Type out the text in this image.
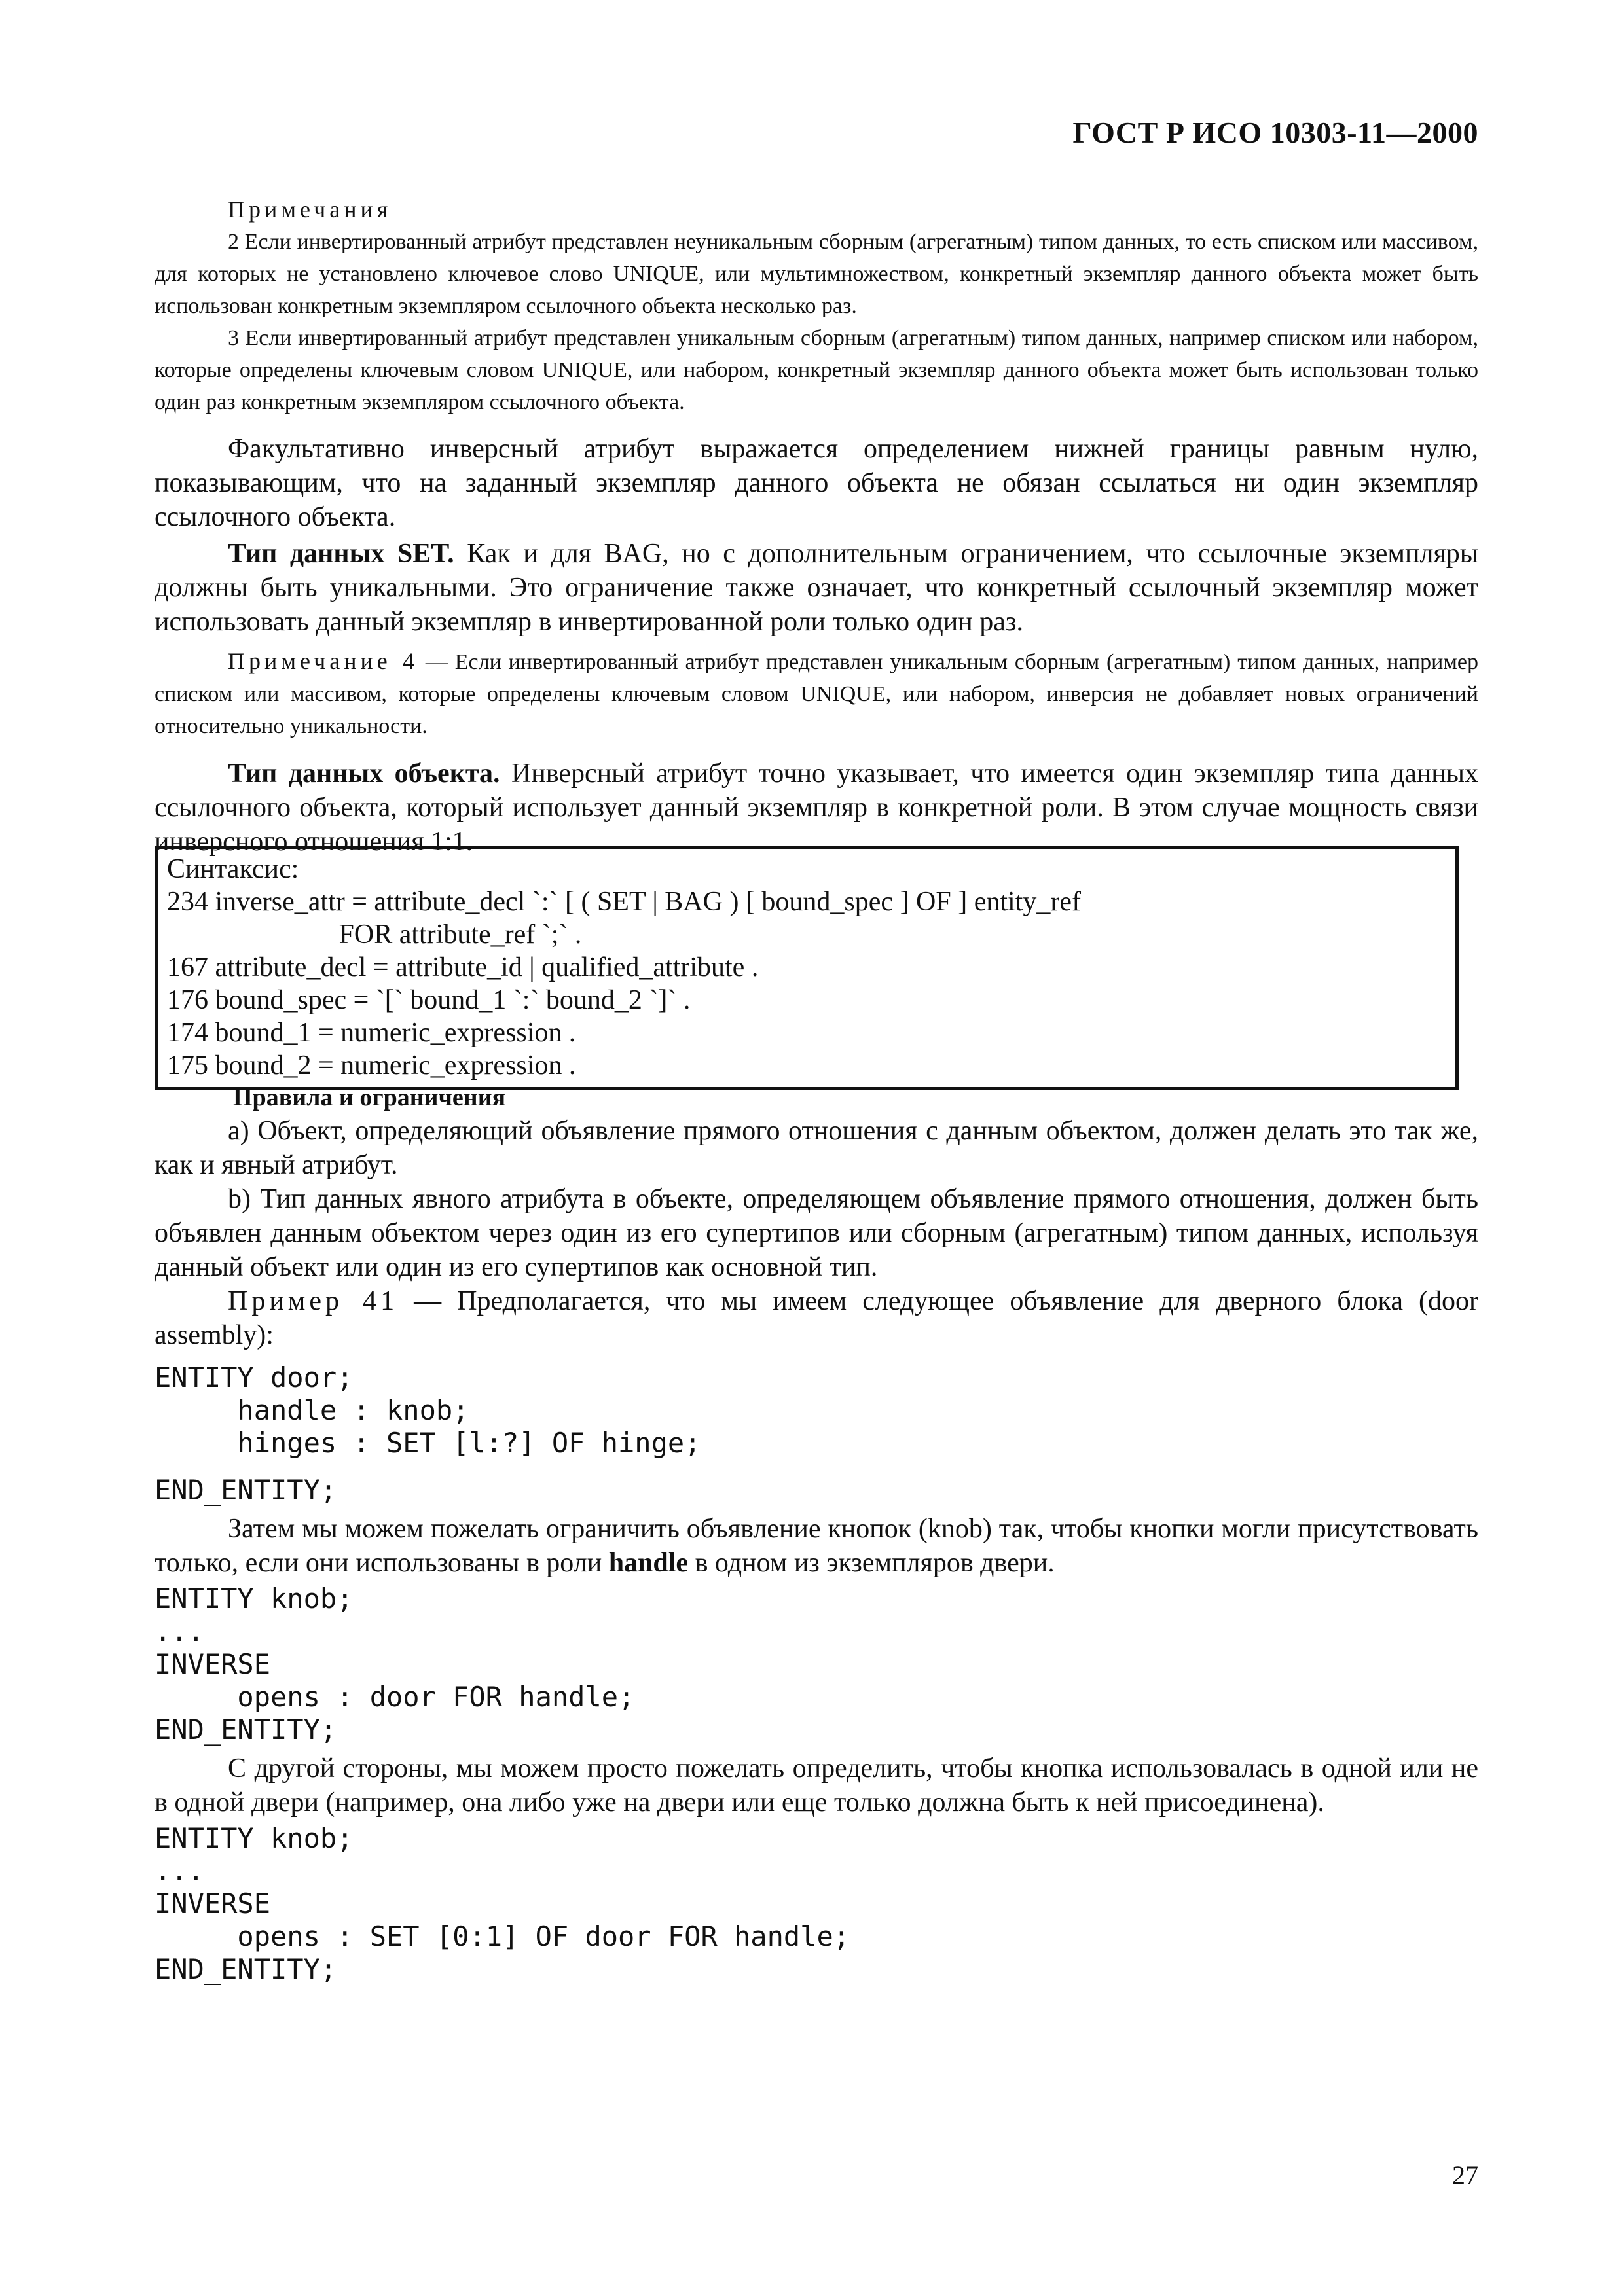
ГОСТ Р ИСО 10303-11—2000

Примечания

2 Если инвертированный атрибут представлен неуникальным сборным (агрегатным) типом данных, то есть списком или массивом, для которых не установлено ключевое слово UNIQUE, или мультимножеством, конкретный экземпляр данного объекта может быть использован конкретным экземпляром ссылочного объекта несколько раз.

3 Если инвертированный атрибут представлен уникальным сборным (агрегатным) типом данных, например списком или набором, которые определены ключевым словом UNIQUE, или набором, конкретный экземпляр данного объекта может быть использован только один раз конкретным экземпляром ссылочного объекта.

Факультативно инверсный атрибут выражается определением нижней границы равным нулю, показывающим, что на заданный экземпляр данного объекта не обязан ссылаться ни один экземпляр ссылочного объекта.

Тип данных SET. Как и для BAG, но с дополнительным ограничением, что ссылочные экземпляры должны быть уникальными. Это ограничение также означает, что конкретный ссылочный экземпляр может использовать данный экземпляр в инвертированной роли только один раз.

Примечание 4 — Если инвертированный атрибут представлен уникальным сборным (агрегатным) типом данных, например списком или массивом, которые определены ключевым словом UNIQUE, или набором, инверсия не добавляет новых ограничений относительно уникальности.

Тип данных объекта. Инверсный атрибут точно указывает, что имеется один экземпляр типа данных ссылочного объекта, который использует данный экземпляр в конкретной роли. В этом случае мощность связи инверсного отношения 1:1.

Синтаксис:
234 inverse_attr = attribute_decl `:` [ ( SET | BAG ) [ bound_spec ] OF ] entity_ref
FOR attribute_ref `;` .
167 attribute_decl = attribute_id | qualified_attribute .
176 bound_spec = `[` bound_1 `:` bound_2 `]` .
174 bound_1 = numeric_expression .
175 bound_2 = numeric_expression .

Правила и ограничения

a) Объект, определяющий объявление прямого отношения с данным объектом, должен делать это так же, как и явный атрибут.

b) Тип данных явного атрибута в объекте, определяющем объявление прямого отношения, должен быть объявлен данным объектом через один из его супертипов или сборным (агрегатным) типом данных, используя данный объект или один из его супертипов как основной тип.

Пример 41 — Предполагается, что мы имеем следующее объявление для дверного блока (door assembly):

ENTITY door;
handle : knob;
hinges : SET [l:?] OF hinge;
END_ENTITY;

Затем мы можем пожелать ограничить объявление кнопок (knob) так, чтобы кнопки могли присутствовать только, если они использованы в роли handle в одном из экземпляров двери.

ENTITY knob;
...
INVERSE
opens : door FOR handle;
END_ENTITY;

С другой стороны, мы можем просто пожелать определить, чтобы кнопка использовалась в одной или не в одной двери (например, она либо уже на двери или еще только должна быть к ней присоединена).

ENTITY knob;
...
INVERSE
opens : SET [0:1] OF door FOR handle;
END_ENTITY;
27
